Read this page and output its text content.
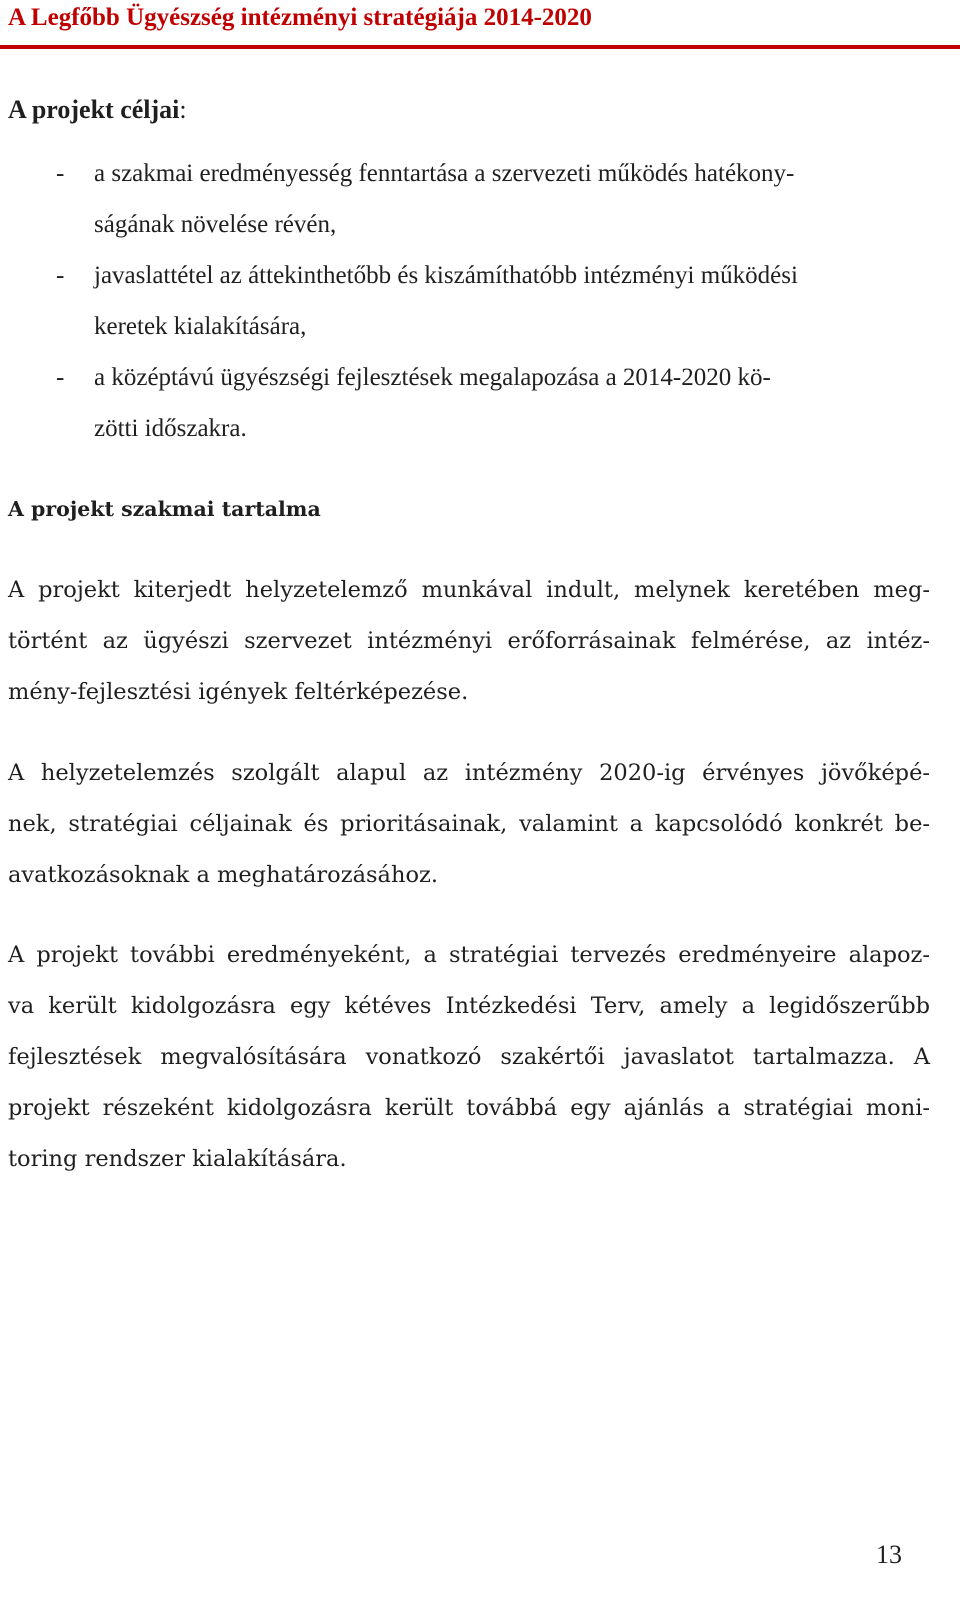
A Legfőbb Ügyészség intézményi stratégiája 2014-2020
A projekt céljai:
- a szakmai eredményesség fenntartása a szervezeti működés hatékony-
ságának növelése révén,
- javaslattétel az áttekinthetőbb és kiszámíthatóbb intézményi működési
keretek kialakítására,
- a középtávú ügyészségi fejlesztések megalapozása a 2014-2020 kö-
zötti időszakra.
A projekt szakmai tartalma
A projekt kiterjedt helyzetelemző munkával indult, melynek keretében meg-
történt az ügyészi szervezet intézményi erőforrásainak felmérése, az intéz-
mény-fejlesztési igények feltérképezése.
A helyzetelemzés szolgált alapul az intézmény 2020-ig érvényes jövőképé-
nek, stratégiai céljainak és prioritásainak, valamint a kapcsolódó konkrét be-
avatkozásoknak a meghatározásához.
A projekt további eredményeként, a stratégiai tervezés eredményeire alapoz-
va került kidolgozásra egy kétéves Intézkedési Terv, amely a legidőszerűbb
fejlesztések megvalósítására vonatkozó szakértői javaslatot tartalmazza. A
projekt részeként kidolgozásra került továbbá egy ajánlás a stratégiai moni-
toring rendszer kialakítására.
13
